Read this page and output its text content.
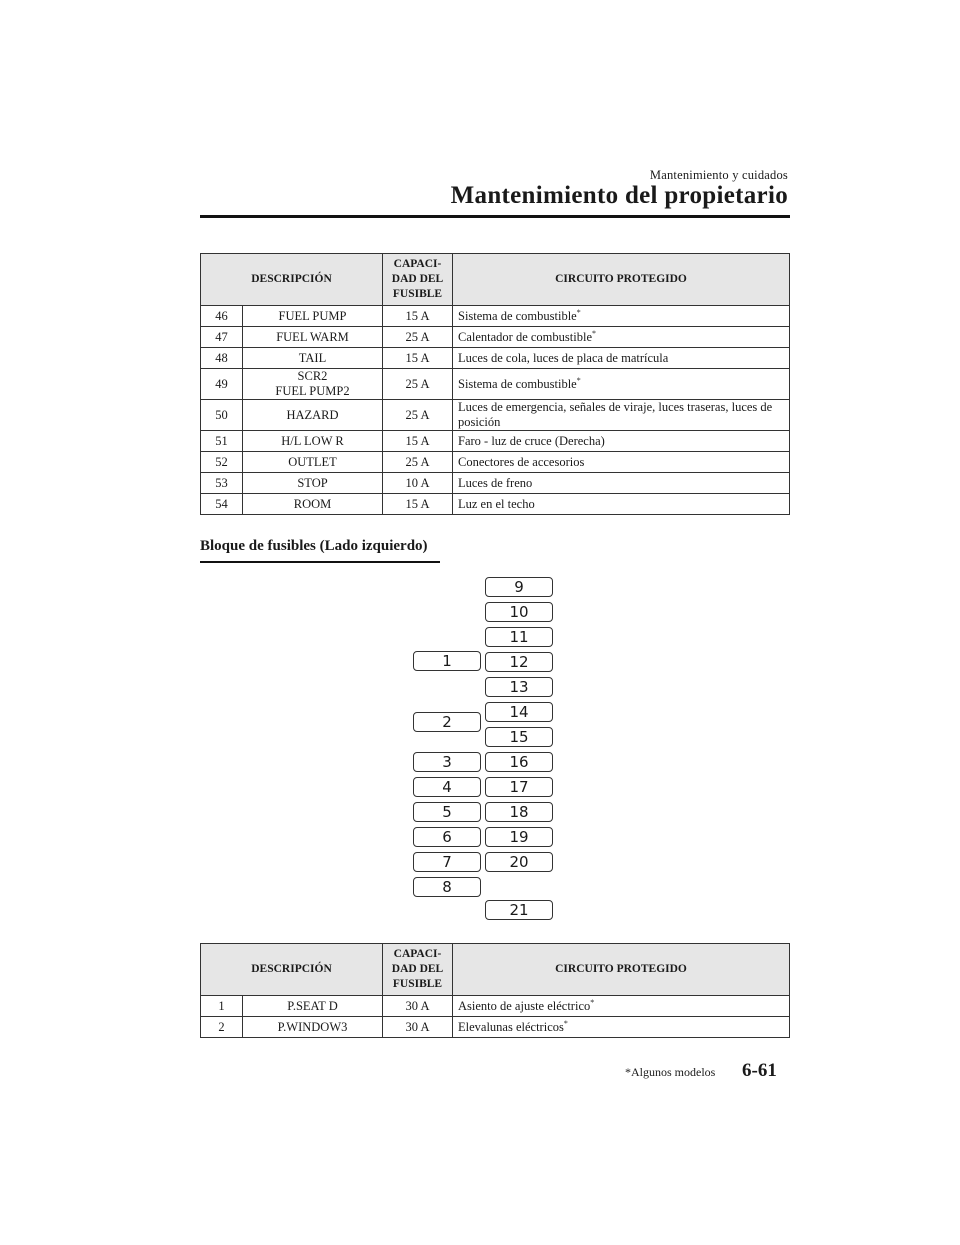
Mantenimiento y cuidados
Mantenimiento del propietario
DESCRIPCIÓN		CAPACI-
DAD DEL
FUSIBLE	CIRCUITO PROTEGIDO
46	FUEL PUMP	15 A	Sistema de combustible*
47	FUEL WARM	25 A	Calentador de combustible*
48	TAIL	15 A	Luces de cola, luces de placa de matrícula
49	SCR2
FUEL PUMP2	25 A	Sistema de combustible*
50	HAZARD	25 A	Luces de emergencia, señales de viraje, luces traseras, luces de posición
51	H/L LOW R	15 A	Faro - luz de cruce (Derecha)
52	OUTLET	25 A	Conectores de accesorios
53	STOP	10 A	Luces de freno
54	ROOM	15 A	Luz en el techo
Bloque de fusibles (Lado izquierdo)
9
10
11
12
13
14
15
16
17
18
19
20
21
1
2
3
4
5
6
7
8
DESCRIPCIÓN		CAPACI-
DAD DEL
FUSIBLE	CIRCUITO PROTEGIDO
1	P.SEAT D	30 A	Asiento de ajuste eléctrico*
2	P.WINDOW3	30 A	Elevalunas eléctricos*
*Algunos modelos 6-61
